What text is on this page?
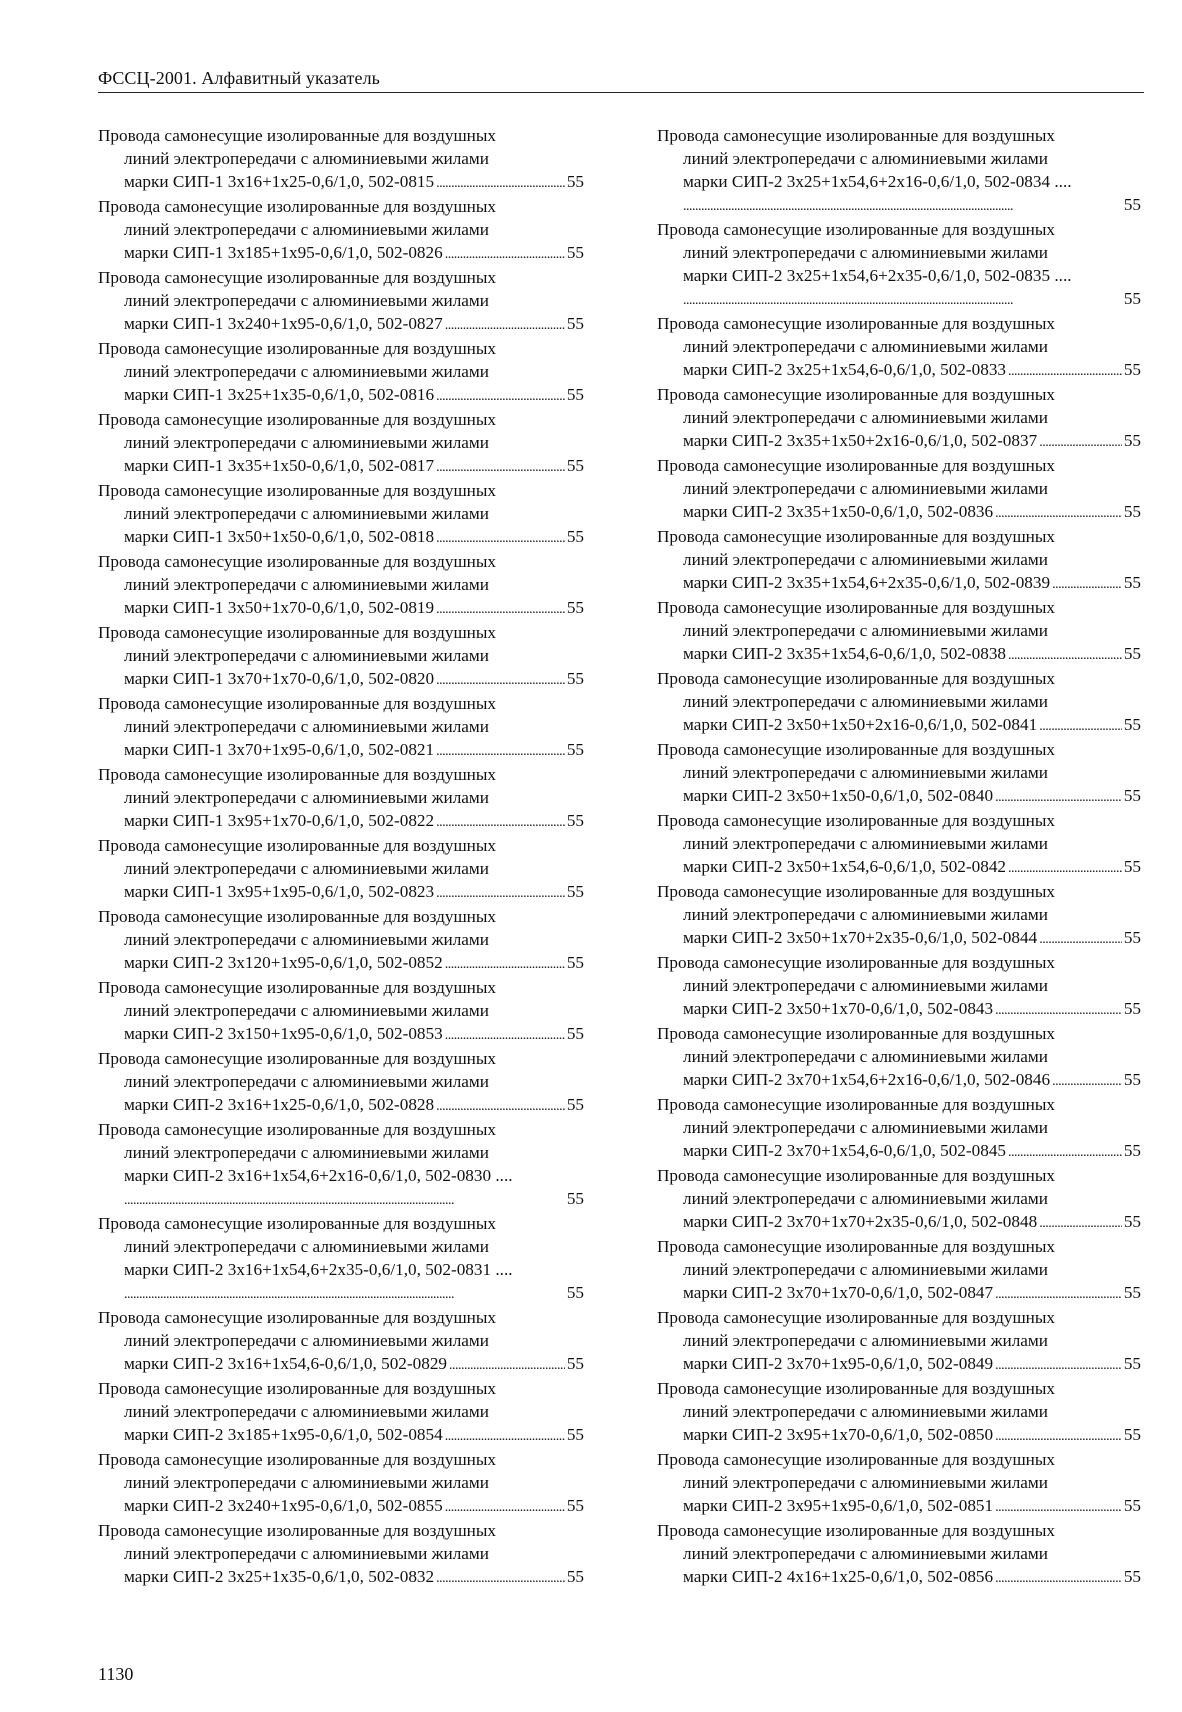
ФССЦ-2001. Алфавитный указатель
Провода самонесущие изолированные для воздушных
линий электропередачи с алюминиевыми жилами
марки СИП-1 3x16+1x25-0,6/1,0, 502-0815 . . .	55
Провода самонесущие изолированные для воздушных
линий электропередачи с алюминиевыми жилами
марки СИП-1 3x185+1x95-0,6/1,0, 502-0826 . . .	55
Провода самонесущие изолированные для воздушных
линий электропередачи с алюминиевыми жилами
марки СИП-1 3x240+1x95-0,6/1,0, 502-0827 . . .	55
Провода самонесущие изолированные для воздушных
линий электропередачи с алюминиевыми жилами
марки СИП-1 3x25+1x35-0,6/1,0, 502-0816 . . .	55
Провода самонесущие изолированные для воздушных
линий электропередачи с алюминиевыми жилами
марки СИП-1 3x35+1x50-0,6/1,0, 502-0817 . . .	55
Провода самонесущие изолированные для воздушных
линий электропередачи с алюминиевыми жилами
марки СИП-1 3x50+1x50-0,6/1,0, 502-0818 . . .	55
Провода самонесущие изолированные для воздушных
линий электропередачи с алюминиевыми жилами
марки СИП-1 3x50+1x70-0,6/1,0, 502-0819 . . .	55
Провода самонесущие изолированные для воздушных
линий электропередачи с алюминиевыми жилами
марки СИП-1 3x70+1x70-0,6/1,0, 502-0820 . . .	55
Провода самонесущие изолированные для воздушных
линий электропередачи с алюминиевыми жилами
марки СИП-1 3x70+1x95-0,6/1,0, 502-0821 . . .	55
Провода самонесущие изолированные для воздушных
линий электропередачи с алюминиевыми жилами
марки СИП-1 3x95+1x70-0,6/1,0, 502-0822 . . .	55
Провода самонесущие изолированные для воздушных
линий электропередачи с алюминиевыми жилами
марки СИП-1 3x95+1x95-0,6/1,0, 502-0823 . . .	55
Провода самонесущие изолированные для воздушных
линий электропередачи с алюминиевыми жилами
марки СИП-2 3x120+1x95-0,6/1,0, 502-0852 . . .	55
Провода самонесущие изолированные для воздушных
линий электропередачи с алюминиевыми жилами
марки СИП-2 3x150+1x95-0,6/1,0, 502-0853 . . .	55
Провода самонесущие изолированные для воздушных
линий электропередачи с алюминиевыми жилами
марки СИП-2 3x16+1x25-0,6/1,0, 502-0828 . . .	55
Провода самонесущие изолированные для воздушных
линий электропередачи с алюминиевыми жилами
марки СИП-2 3x16+1x54,6+2x16-0,6/1,0, 502-0830 ....
. . .
55
Провода самонесущие изолированные для воздушных
линий электропередачи с алюминиевыми жилами
марки СИП-2 3x16+1x54,6+2x35-0,6/1,0, 502-0831 ....
. . .
55
Провода самонесущие изолированные для воздушных
линий электропередачи с алюминиевыми жилами
марки СИП-2 3x16+1x54,6-0,6/1,0, 502-0829 . . .	55
Провода самонесущие изолированные для воздушных
линий электропередачи с алюминиевыми жилами
марки СИП-2 3x185+1x95-0,6/1,0, 502-0854 . . .	55
Провода самонесущие изолированные для воздушных
линий электропередачи с алюминиевыми жилами
марки СИП-2 3x240+1x95-0,6/1,0, 502-0855 . . .	55
Провода самонесущие изолированные для воздушных
линий электропередачи с алюминиевыми жилами
марки СИП-2 3x25+1x35-0,6/1,0, 502-0832 . . .	55
Провода самонесущие изолированные для воздушных
линий электропередачи с алюминиевыми жилами
марки СИП-2 3x25+1x54,6+2x16-0,6/1,0, 502-0834 ....
. . .
55
Провода самонесущие изолированные для воздушных
линий электропередачи с алюминиевыми жилами
марки СИП-2 3x25+1x54,6+2x35-0,6/1,0, 502-0835 ....
. . .
55
Провода самонесущие изолированные для воздушных
линий электропередачи с алюминиевыми жилами
марки СИП-2 3x25+1x54,6-0,6/1,0, 502-0833 . . .	55
Провода самонесущие изолированные для воздушных
линий электропередачи с алюминиевыми жилами
марки СИП-2 3x35+1x50+2x16-0,6/1,0, 502-0837 . . .	55
Провода самонесущие изолированные для воздушных
линий электропередачи с алюминиевыми жилами
марки СИП-2 3x35+1x50-0,6/1,0, 502-0836 . . .	55
Провода самонесущие изолированные для воздушных
линий электропередачи с алюминиевыми жилами
марки СИП-2 3x35+1x54,6+2x35-0,6/1,0, 502-0839 . . .	55
Провода самонесущие изолированные для воздушных
линий электропередачи с алюминиевыми жилами
марки СИП-2 3x35+1x54,6-0,6/1,0, 502-0838 . . .	55
Провода самонесущие изолированные для воздушных
линий электропередачи с алюминиевыми жилами
марки СИП-2 3x50+1x50+2x16-0,6/1,0, 502-0841 . . .	55
Провода самонесущие изолированные для воздушных
линий электропередачи с алюминиевыми жилами
марки СИП-2 3x50+1x50-0,6/1,0, 502-0840 . . .	55
Провода самонесущие изолированные для воздушных
линий электропередачи с алюминиевыми жилами
марки СИП-2 3x50+1x54,6-0,6/1,0, 502-0842 . . .	55
Провода самонесущие изолированные для воздушных
линий электропередачи с алюминиевыми жилами
марки СИП-2 3x50+1x70+2x35-0,6/1,0, 502-0844 . . .	55
Провода самонесущие изолированные для воздушных
линий электропередачи с алюминиевыми жилами
марки СИП-2 3x50+1x70-0,6/1,0, 502-0843 . . .	55
Провода самонесущие изолированные для воздушных
линий электропередачи с алюминиевыми жилами
марки СИП-2 3x70+1x54,6+2x16-0,6/1,0, 502-0846 . . .	55
Провода самонесущие изолированные для воздушных
линий электропередачи с алюминиевыми жилами
марки СИП-2 3x70+1x54,6-0,6/1,0, 502-0845 . . .	55
Провода самонесущие изолированные для воздушных
линий электропередачи с алюминиевыми жилами
марки СИП-2 3x70+1x70+2x35-0,6/1,0, 502-0848 . . .	55
Провода самонесущие изолированные для воздушных
линий электропередачи с алюминиевыми жилами
марки СИП-2 3x70+1x70-0,6/1,0, 502-0847 . . .	55
Провода самонесущие изолированные для воздушных
линий электропередачи с алюминиевыми жилами
марки СИП-2 3x70+1x95-0,6/1,0, 502-0849 . . .	55
Провода самонесущие изолированные для воздушных
линий электропередачи с алюминиевыми жилами
марки СИП-2 3x95+1x70-0,6/1,0, 502-0850 . . .	55
Провода самонесущие изолированные для воздушных
линий электропередачи с алюминиевыми жилами
марки СИП-2 3x95+1x95-0,6/1,0, 502-0851 . . .	55
Провода самонесущие изолированные для воздушных
линий электропередачи с алюминиевыми жилами
марки СИП-2 4x16+1x25-0,6/1,0, 502-0856 . . .	55
1130
